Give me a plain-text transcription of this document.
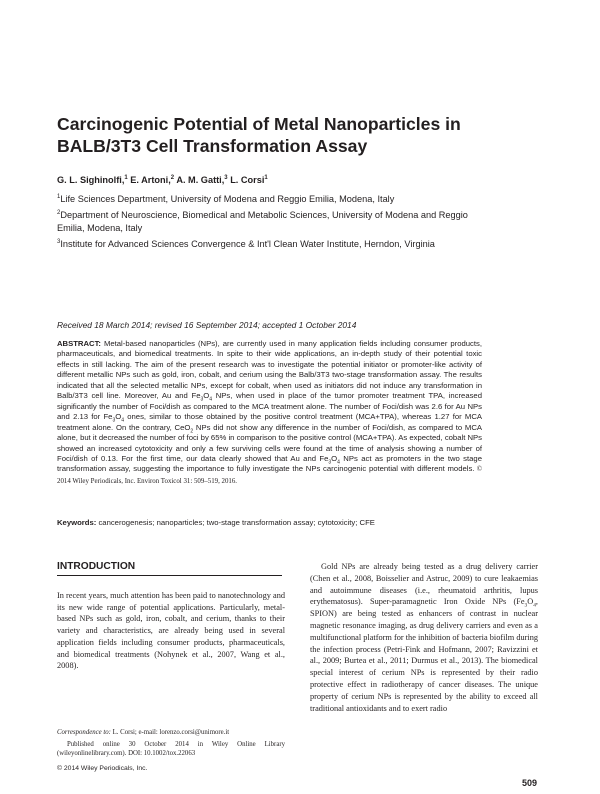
Carcinogenic Potential of Metal Nanoparticles in BALB/3T3 Cell Transformation Assay
G. L. Sighinolfi,$^1$ E. Artoni,$^2$ A. M. Gatti,$^3$ L. Corsi$^1$
$^1$Life Sciences Department, University of Modena and Reggio Emilia, Modena, Italy
$^2$Department of Neuroscience, Biomedical and Metabolic Sciences, University of Modena and Reggio Emilia, Modena, Italy
$^3$Institute for Advanced Sciences Convergence & Int'l Clean Water Institute, Herndon, Virginia
Received 18 March 2014; revised 16 September 2014; accepted 1 October 2014
ABSTRACT: Metal-based nanoparticles (NPs), are currently used in many application fields including consumer products, pharmaceuticals, and biomedical treatments. In spite to their wide applications, an in-depth study of their potential toxic effects in still lacking. The aim of the present research was to investigate the potential initiator or promoter-like activity of different metallic NPs such as gold, iron, cobalt, and cerium using the Balb/3T3 two-stage transformation assay. The results indicated that all the selected metallic NPs, except for cobalt, when used as initiators did not induce any transformation in Balb/3T3 cell line. Moreover, Au and $Fe_3O_4$ NPs, when used in place of the tumor promoter treatment TPA, increased significantly the number of Foci/dish as compared to the MCA treatment alone. The number of Foci/dish was 2.6 for Au NPs and 2.13 for $Fe_3O_4$ ones, similar to those obtained by the positive control treatment (MCA+TPA), whereas 1.27 for MCA treatment alone. On the contrary, CeO$_2$ NPs did not show any difference in the number of Foci/dish, as compared to MCA alone, but it decreased the number of foci by 65% in comparison to the positive control (MCA+TPA). As expected, cobalt NPs showed an increased cytotoxicity and only a few surviving cells were found at the time of analysis showing a number of Foci/dish of 0.13. For the first time, our data clearly showed that Au and $Fe_3O_4$ NPs act as promoters in the two stage transformation assay, suggesting the importance to fully investigate the NPs carcinogenic potential with different models. © 2014 Wiley Periodicals, Inc. Environ Toxicol 31: 509–519, 2016.
Keywords: cancerogenesis; nanoparticles; two-stage transformation assay; cytotoxicity; CFE
INTRODUCTION

In recent years, much attention has been paid to nanotechnology and its new wide range of potential applications. Particularly, metal-based NPs such as gold, iron, cobalt, and cerium, thanks to their variety and characteristics, are already being used in several application fields including consumer products, pharmaceuticals, and biomedical treatments (Nohynek et al., 2007, Wang et al., 2008).

Gold NPs are already being tested as a drug delivery carrier (Chen et al., 2008, Boisselier and Astruc, 2009) to cure leakaemias and autoimmune diseases (i.e., rheumatoid arthritis, lupus erythematosus). Super-paramagnetic Iron Oxide NPs ($Fe_3O_4$, SPION) are being tested as enhancers of contrast in nuclear magnetic resonance imaging, as drug delivery carriers and even as a multifunctional platform for the inhibition of bacteria biofilm during the infection process (Petri-Fink and Hofmann, 2007; Ravizzini et al., 2009; Burtea et al., 2011; Durmus et al., 2013). The biomedical special interest of cerium NPs is represented by their radio protective effect in radiotherapy of cancer diseases. The unique property of cerium NPs is represented by the ability to exceed all traditional antioxidants and to exert radio

Correspondence to: L. Corsi; e-mail: lorenzo.corsi@unimore.it
Published online 30 October 2014 in Wiley Online Library (wileyonlinelibrary.com). DOI: 10.1002/tox.22063
© 2014 Wiley Periodicals, Inc.
509
